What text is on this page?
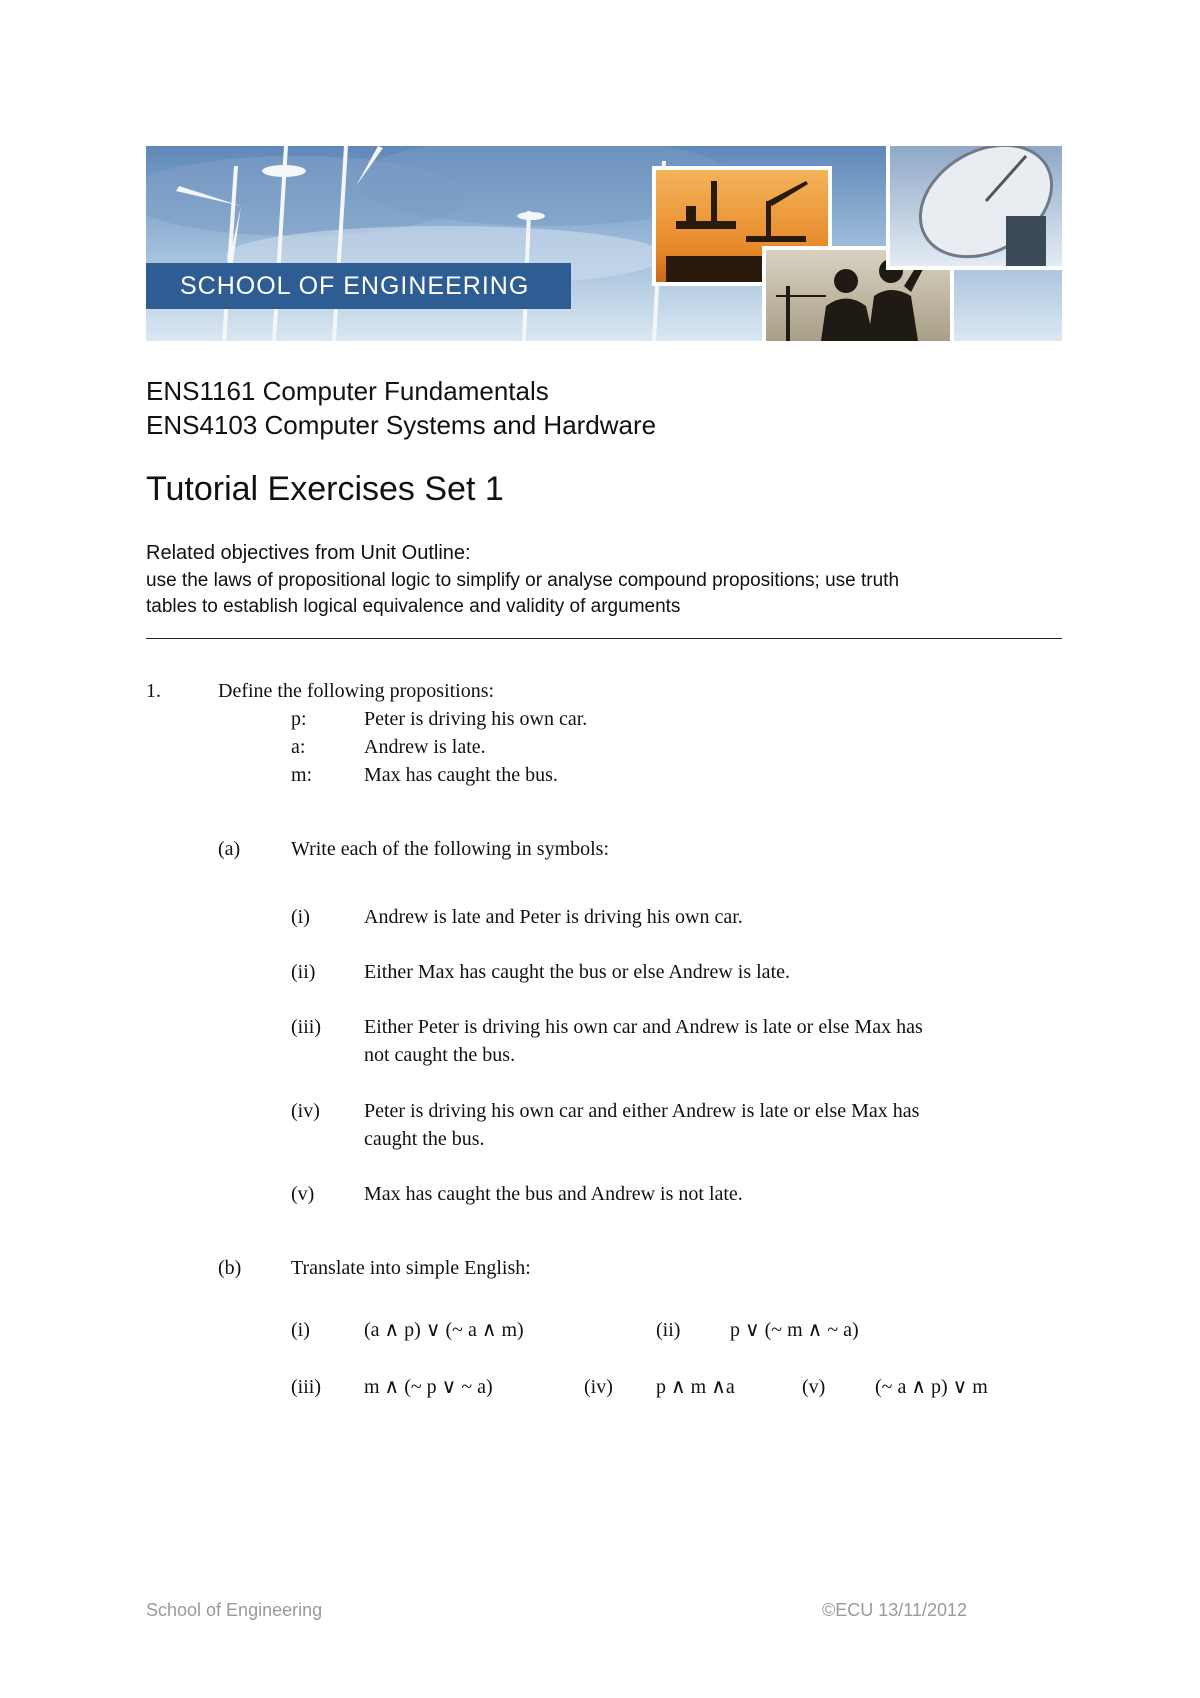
SCHOOL OF ENGINEERING
ENS1161 Computer Fundamentals
ENS4103 Computer Systems and Hardware
Tutorial Exercises Set 1
Related objectives from Unit Outline:
use the laws of propositional logic to simplify or analyse compound propositions; use truth
tables to establish logical equivalence and validity of arguments
1.	Define the following propositions:
p:	Peter is driving his own car.
a:	Andrew is late.
m:	Max has caught the bus.
(a)	Write each of the following in symbols:
(i)	Andrew is late and Peter is driving his own car.
(ii) Either Max has caught the bus or else Andrew is late.
(iii) Either Peter is driving his own car and Andrew is late or else Max has
not caught the bus.
(iv) Peter is driving his own car and either Andrew is late or else Max has
caught the bus.
(v) Max has caught the bus and Andrew is not late.
(b) Translate into simple English:
(i)	(a ∧ p) ∨ (~ a ∧ m)	(ii) p ∨ (~ m ∧ ~ a)
(iii) m ∧ (~ p ∨ ~ a)	(iv) p ∧ m ∧a	(v) (~ a ∧ p) ∨ m
School of Engineering	©ECU 13/11/2012
